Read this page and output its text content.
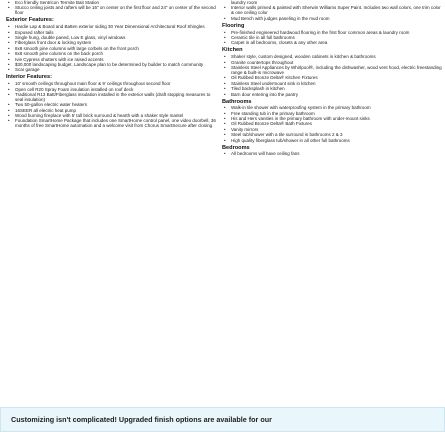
• Eco friendly Sentricon Termite Bait Station
• Stucco ceiling joists and rafters will be 16" on center on the first floor and 24" on center of the second floor
Exterior Features:
• Hardie Lap & Board and Batten exterior siding 30 Year Dimensional Architectural Roof Shingles
• Exposed rafter tails
• Single hung, double paned, Low E glass, vinyl windows
• Fiberglass front door & locking system
• 8x8 smooth pine columns with large corbels on the front porch
• 8x8 smooth pine columns on the back porch
• Ivie Cypress shutters with ice raised accents
• $30,000 landscaping budget. Landscape plan to be determined by builder to match community
• Scar garage
Interior Features:
• 10' smooth ceilings throughout main floor & 9' ceilings throughout second floor
• Open cell R20 Spray Foam insulation installed on roof deck
• Traditional R13 Batt/Fiberglass insulation installed in the exterior walls (draft stopping measures to seal insulation)
• Two 50-gallon electric water heaters
• 16SEER all electric heat pump
• Wood burning fireplace with 5' tall brick surround & hearth with a shaker style mantel
• Foundation SmartHome Package that includes one SmartHome control panel, one video doorbell, 36 months of free SmartHome automation and a welcome visit from Chorus SmartSecure after closing
laundry room
• Interior walls primed & painted with Sherwin Williams Super Paint. Includes two wall colors, one trim color & one ceiling color
• Mud Bench with judges paneling in the mud room
Flooring
• Pre-finished engineered hardwood flooring in the first floor common areas & laundry room
• Ceramic tile in all full bathrooms
• Carpet in all bedrooms, closets & any other area
Kitchen
• Shaker style, custom designed, wooden cabinets in kitchen & bathrooms
• Granite countertops throughout
• Stainless Steel Appliances by Whirlpool®, including the dishwasher, wood vent hood, electric freestanding range & built-in microwave
• Oil Rubbed Bronze Delta® Kitchen Fixtures
• Stainless Steel undermount sink in kitchen
• Tiled backsplash in kitchen
• Barn door entering into the pantry
Bathrooms
• Walk-in tile shower with waterproofing system in the primary bathroom
• Free standing tub in the primary bathroom
• His and Hers vanities in the primary bathroom with under-mount sinks
• Oil Rubbed Bronze Delta® Bath Fixtures
• Vanity mirrors
• Steel tub/shower with a tile surround in bathrooms 2 & 3
• High quality fiberglass tub/shower in all other full bathrooms
Bedrooms
• All bedrooms will have ceiling fans
Customizing isn't complicated! Upgraded finish options are available for our
